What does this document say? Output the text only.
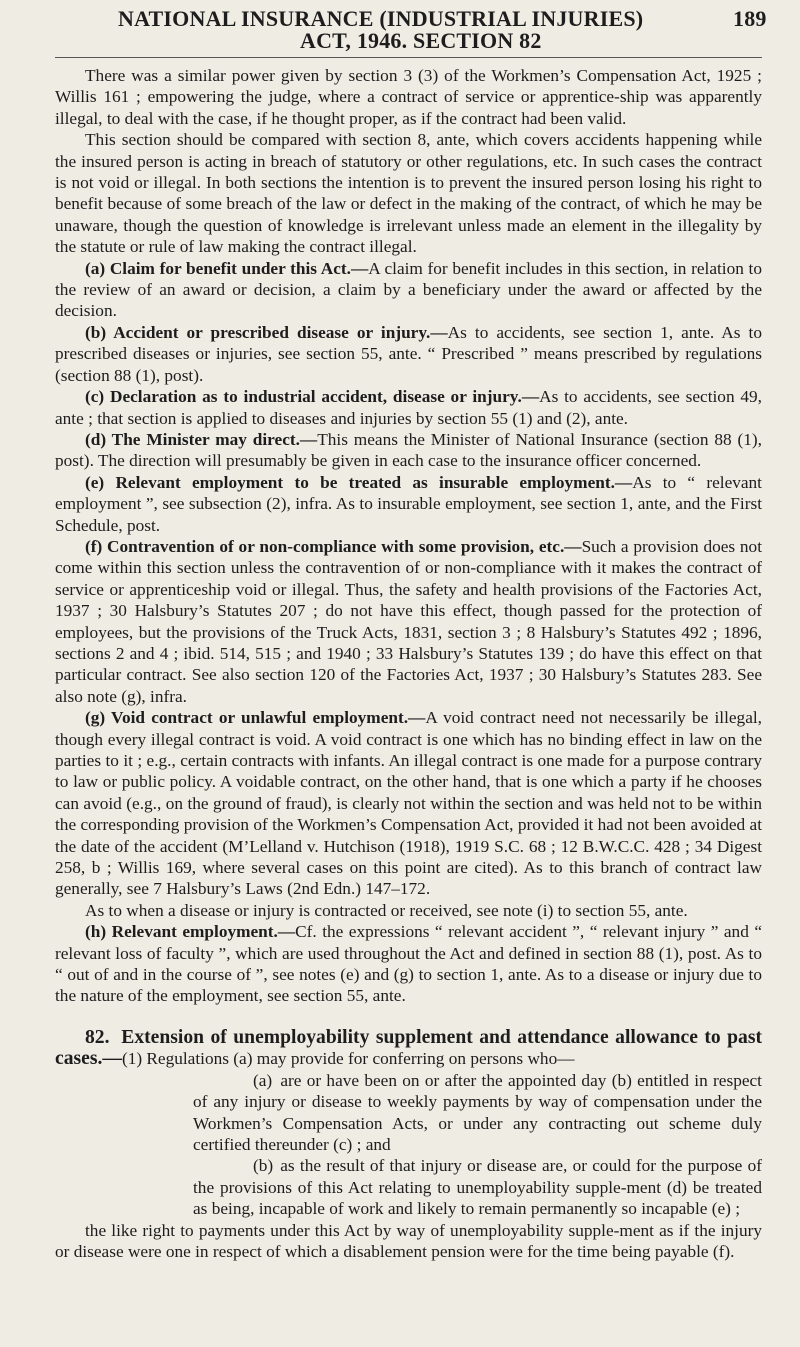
NATIONAL INSURANCE (INDUSTRIAL INJURIES)
ACT, 1946. SECTION 82
189

There was a similar power given by section 3 (3) of the Workmen’s Compensation Act, 1925 ; Willis 161 ; empowering the judge, where a contract of service or apprentice-ship was apparently illegal, to deal with the case, if he thought proper, as if the contract had been valid.

This section should be compared with section 8, ante, which covers accidents happening while the insured person is acting in breach of statutory or other regulations, etc. In such cases the contract is not void or illegal. In both sections the intention is to prevent the insured person losing his right to benefit because of some breach of the law or defect in the making of the contract, of which he may be unaware, though the question of knowledge is irrelevant unless made an element in the illegality by the statute or rule of law making the contract illegal.

(a) Claim for benefit under this Act.—A claim for benefit includes in this section, in relation to the review of an award or decision, a claim by a beneficiary under the award or affected by the decision.

(b) Accident or prescribed disease or injury.—As to accidents, see section 1, ante. As to prescribed diseases or injuries, see section 55, ante. “ Prescribed ” means prescribed by regulations (section 88 (1), post).

(c) Declaration as to industrial accident, disease or injury.—As to accidents, see section 49, ante ; that section is applied to diseases and injuries by section 55 (1) and (2), ante.

(d) The Minister may direct.—This means the Minister of National Insurance (section 88 (1), post). The direction will presumably be given in each case to the insurance officer concerned.

(e) Relevant employment to be treated as insurable employment.—As to “ relevant employment ”, see subsection (2), infra. As to insurable employment, see section 1, ante, and the First Schedule, post.

(f) Contravention of or non-compliance with some provision, etc.—Such a provision does not come within this section unless the contravention of or non-compliance with it makes the contract of service or apprenticeship void or illegal. Thus, the safety and health provisions of the Factories Act, 1937 ; 30 Halsbury’s Statutes 207 ; do not have this effect, though passed for the protection of employees, but the provisions of the Truck Acts, 1831, section 3 ; 8 Halsbury’s Statutes 492 ; 1896, sections 2 and 4 ; ibid. 514, 515 ; and 1940 ; 33 Halsbury’s Statutes 139 ; do have this effect on that particular contract. See also section 120 of the Factories Act, 1937 ; 30 Halsbury’s Statutes 283. See also note (g), infra.

(g) Void contract or unlawful employment.—A void contract need not necessarily be illegal, though every illegal contract is void. A void contract is one which has no binding effect in law on the parties to it ; e.g., certain contracts with infants. An illegal contract is one made for a purpose contrary to law or public policy. A voidable contract, on the other hand, that is one which a party if he chooses can avoid (e.g., on the ground of fraud), is clearly not within the section and was held not to be within the corresponding provision of the Workmen’s Compensation Act, provided it had not been avoided at the date of the accident (M’Lelland v. Hutchison (1918), 1919 S.C. 68 ; 12 B.W.C.C. 428 ; 34 Digest 258, b ; Willis 169, where several cases on this point are cited). As to this branch of contract law generally, see 7 Halsbury’s Laws (2nd Edn.) 147–172.

As to when a disease or injury is contracted or received, see note (i) to section 55, ante.

(h) Relevant employment.—Cf. the expressions “ relevant accident ”, “ relevant injury ” and “ relevant loss of faculty ”, which are used throughout the Act and defined in section 88 (1), post. As to “ out of and in the course of ”, see notes (e) and (g) to section 1, ante. As to a disease or injury due to the nature of the employment, see section 55, ante.

82. Extension of unemployability supplement and attendance allowance to past cases.—(1) Regulations (a) may provide for conferring on persons who—

(a) are or have been on or after the appointed day (b) entitled in respect of any injury or disease to weekly payments by way of compensation under the Workmen’s Compensation Acts, or under any contracting out scheme duly certified thereunder (c) ; and

(b) as the result of that injury or disease are, or could for the purpose of the provisions of this Act relating to unemployability supple-ment (d) be treated as being, incapable of work and likely to remain permanently so incapable (e) ;

the like right to payments under this Act by way of unemployability supple-ment as if the injury or disease were one in respect of which a disablement pension were for the time being payable (f).
